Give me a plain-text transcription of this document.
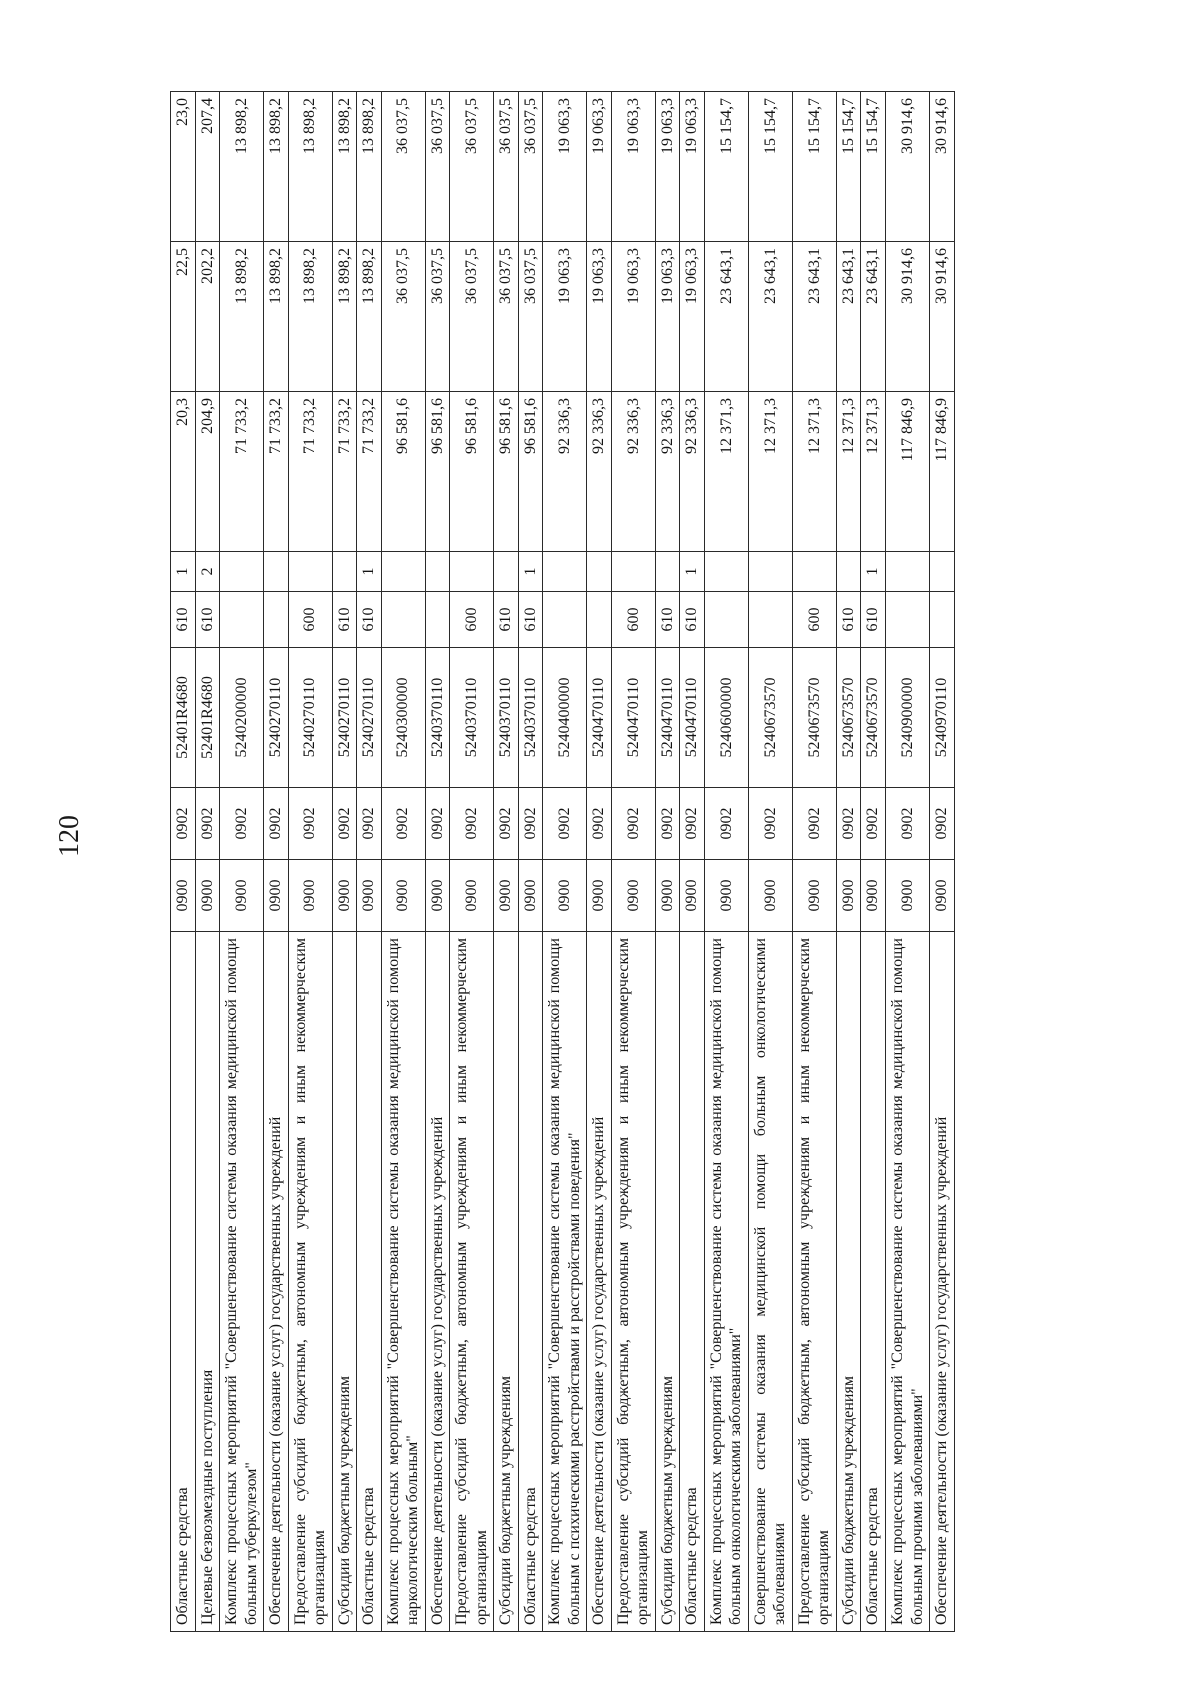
120
Областные средства	0900	0902	52401R4680	610	1	20,3	22,5	23,0
Целевые безвозмездные поступления	0900	0902	52401R4680	610	2	204,9	202,2	207,4
Комплекс процессных мероприятий "Совершенствование системы оказания медицинской помощи больным туберкулезом"	0900	0902	5240200000			71 733,2	13 898,2	13 898,2
Обеспечение деятельности (оказание услуг) государственных учреждений	0900	0902	5240270110			71 733,2	13 898,2	13 898,2
Предоставление субсидий бюджетным, автономным учреждениям и иным некоммерческим организациям	0900	0902	5240270110	600		71 733,2	13 898,2	13 898,2
Субсидии бюджетным учреждениям	0900	0902	5240270110	610		71 733,2	13 898,2	13 898,2
Областные средства	0900	0902	5240270110	610	1	71 733,2	13 898,2	13 898,2
Комплекс процессных мероприятий "Совершенствование системы оказания медицинской помощи наркологическим больным"	0900	0902	5240300000			96 581,6	36 037,5	36 037,5
Обеспечение деятельности (оказание услуг) государственных учреждений	0900	0902	5240370110			96 581,6	36 037,5	36 037,5
Предоставление субсидий бюджетным, автономным учреждениям и иным некоммерческим организациям	0900	0902	5240370110	600		96 581,6	36 037,5	36 037,5
Субсидии бюджетным учреждениям	0900	0902	5240370110	610		96 581,6	36 037,5	36 037,5
Областные средства	0900	0902	5240370110	610	1	96 581,6	36 037,5	36 037,5
Комплекс процессных мероприятий "Совершенствование системы оказания медицинской помощи больным с психическими расстройствами и расстройствами поведения"	0900	0902	5240400000			92 336,3	19 063,3	19 063,3
Обеспечение деятельности (оказание услуг) государственных учреждений	0900	0902	5240470110			92 336,3	19 063,3	19 063,3
Предоставление субсидий бюджетным, автономным учреждениям и иным некоммерческим организациям	0900	0902	5240470110	600		92 336,3	19 063,3	19 063,3
Субсидии бюджетным учреждениям	0900	0902	5240470110	610		92 336,3	19 063,3	19 063,3
Областные средства	0900	0902	5240470110	610	1	92 336,3	19 063,3	19 063,3
Комплекс процессных мероприятий "Совершенствование системы оказания медицинской помощи больным онкологическими заболеваниями"	0900	0902	5240600000			12 371,3	23 643,1	15 154,7
Совершенствование системы оказания медицинской помощи больным онкологическими заболеваниями	0900	0902	5240673570			12 371,3	23 643,1	15 154,7
Предоставление субсидий бюджетным, автономным учреждениям и иным некоммерческим организациям	0900	0902	5240673570	600		12 371,3	23 643,1	15 154,7
Субсидии бюджетным учреждениям	0900	0902	5240673570	610		12 371,3	23 643,1	15 154,7
Областные средства	0900	0902	5240673570	610	1	12 371,3	23 643,1	15 154,7
Комплекс процессных мероприятий "Совершенствование системы оказания медицинской помощи больным прочими заболеваниями"	0900	0902	5240900000			117 846,9	30 914,6	30 914,6
Обеспечение деятельности (оказание услуг) государственных учреждений	0900	0902	5240970110			117 846,9	30 914,6	30 914,6
